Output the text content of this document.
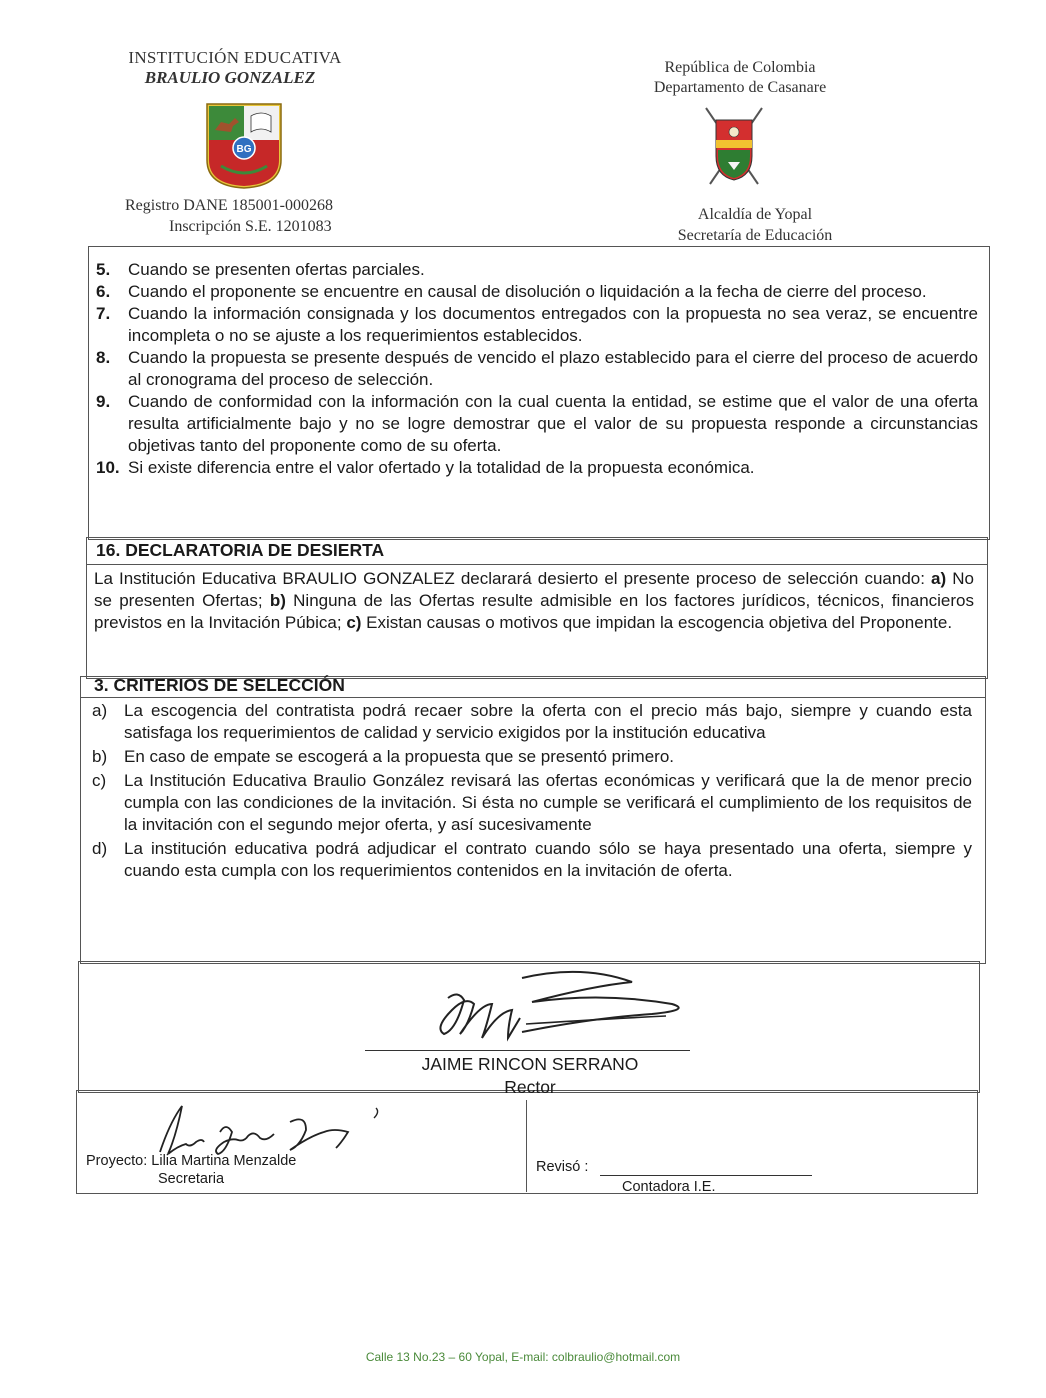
INSTITUCIÓN EDUCATIVA
BRAULIO GONZALEZ
BG
Registro DANE 185001-000268
Inscripción S.E. 1201083
República de Colombia
Departamento de Casanare
Alcaldía de Yopal
Secretaría de Educación
5.	Cuando se presenten ofertas parciales.
6.	Cuando el proponente se encuentre en causal de disolución o liquidación a la fecha de cierre del proceso.
7.	Cuando la información consignada y los documentos entregados con la propuesta no sea veraz, se encuentre incompleta o no se ajuste a los requerimientos establecidos.
8.	Cuando la propuesta se presente después de vencido el plazo establecido para el cierre del proceso de acuerdo al cronograma del proceso de selección.
9.	Cuando de conformidad con la información con la cual cuenta la entidad, se estime que el valor de una oferta resulta artificialmente bajo y no se logre demostrar que el valor de su propuesta responde a circunstancias objetivas tanto del proponente como de su oferta.
10. Si existe diferencia entre el valor ofertado y la totalidad de la propuesta económica.
16. DECLARATORIA DE DESIERTA
La Institución Educativa BRAULIO GONZALEZ declarará desierto el presente proceso de selección cuando: a) No se presenten Ofertas; b) Ninguna de las Ofertas resulte admisible en los factores jurídicos, técnicos, financieros previstos en la Invitación Púbica; c) Existan causas o motivos que impidan la escogencia objetiva del Proponente.
3. CRITERIOS DE SELECCIÓN
a) La escogencia del contratista podrá recaer sobre la oferta con el precio más bajo, siempre y cuando esta satisfaga los requerimientos de calidad y servicio exigidos por la institución educativa
b) En caso de empate se escogerá a la propuesta que se presentó primero.
c)	La Institución Educativa Braulio González revisará las ofertas económicas y verificará que la de menor precio cumpla con las condiciones de la invitación. Si ésta no cumple se verificará el cumplimiento de los requisitos de la invitación con el segundo mejor oferta, y así sucesivamente
d) La institución educativa podrá adjudicar el contrato cuando sólo se haya presentado una oferta, siempre y cuando esta cumpla con los requerimientos contenidos en la invitación de oferta.
JAIME RINCON SERRANO
Rector
Proyecto: Lilia Martina Menzalde
Secretaria
Revisó :
Contadora I.E.
Calle 13 No.23 – 60 Yopal, E-mail: colbraulio@hotmail.com
